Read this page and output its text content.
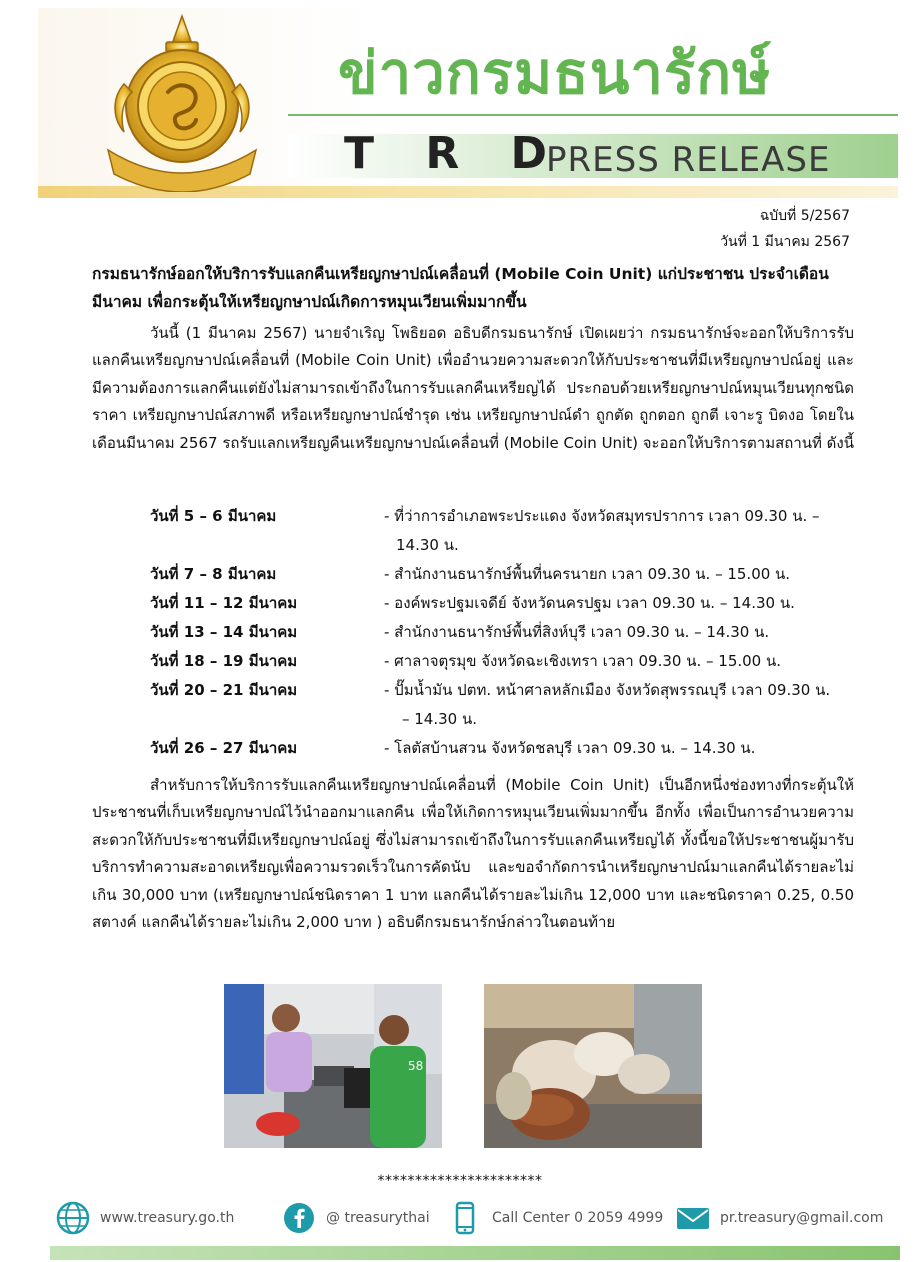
ข่าวกรมธนารักษ์
T R D
PRESS RELEASE
ฉบับที่ 5/2567
วันที่ 1 มีนาคม 2567
กรมธนารักษ์ออกให้บริการรับแลกคืนเหรียญกษาปณ์เคลื่อนที่ (Mobile Coin Unit) แก่ประชาชน ประจำเดือนมีนาคม เพื่อกระตุ้นให้เหรียญกษาปณ์เกิดการหมุนเวียนเพิ่มมากขึ้น

วันนี้ (1 มีนาคม 2567) นายจำเริญ โพธิยอด อธิบดีกรมธนารักษ์ เปิดเผยว่า กรมธนารักษ์จะออกให้บริการรับแลกคืนเหรียญกษาปณ์เคลื่อนที่ (Mobile Coin Unit) เพื่ออำนวยความสะดวกให้กับประชาชนที่มีเหรียญกษาปณ์อยู่ และมีความต้องการแลกคืนแต่ยังไม่สามารถเข้าถึงในการรับแลกคืนเหรียญได้ ประกอบด้วยเหรียญกษาปณ์หมุนเวียนทุกชนิดราคา เหรียญกษาปณ์สภาพดี หรือเหรียญกษาปณ์ชำรุด เช่น เหรียญกษาปณ์ดำ ถูกตัด ถูกตอก ถูกตี เจาะรู บิดงอ โดยในเดือนมีนาคม 2567 รถรับแลกเหรียญคืนเหรียญกษาปณ์เคลื่อนที่ (Mobile Coin Unit) จะออกให้บริการตามสถานที่ ดังนี้

วันที่ 5 – 6 มีนาคม	- ที่ว่าการอำเภอพระประแดง จังหวัดสมุทรปราการ เวลา 09.30 น. –
14.30 น.
วันที่ 7 – 8 มีนาคม	- สำนักงานธนารักษ์พื้นที่นครนายก เวลา 09.30 น. – 15.00 น.
วันที่ 11 – 12 มีนาคม	- องค์พระปฐมเจดีย์ จังหวัดนครปฐม เวลา 09.30 น. – 14.30 น.
วันที่ 13 – 14 มีนาคม	- สำนักงานธนารักษ์พื้นที่สิงห์บุรี เวลา 09.30 น. – 14.30 น.
วันที่ 18 – 19 มีนาคม	- ศาลาจตุรมุข จังหวัดฉะเชิงเทรา เวลา 09.30 น. – 15.00 น.
วันที่ 20 – 21 มีนาคม	- ปั๊มน้ำมัน ปตท. หน้าศาลหลักเมือง จังหวัดสุพรรณบุรี เวลา 09.30 น.
– 14.30 น.
วันที่ 26 – 27 มีนาคม	- โลตัสบ้านสวน จังหวัดชลบุรี เวลา 09.30 น. – 14.30 น.

สำหรับการให้บริการรับแลกคืนเหรียญกษาปณ์เคลื่อนที่ (Mobile Coin Unit) เป็นอีกหนึ่งช่องทางที่กระตุ้นให้ประชาชนที่เก็บเหรียญกษาปณ์ไว้นำออกมาแลกคืน เพื่อให้เกิดการหมุนเวียนเพิ่มมากขึ้น อีกทั้ง เพื่อเป็นการอำนวยความสะดวกให้กับประชาชนที่มีเหรียญกษาปณ์อยู่ ซึ่งไม่สามารถเข้าถึงในการรับแลกคืนเหรียญได้ ทั้งนี้ขอให้ประชาชนผู้มารับบริการทำความสะอาดเหรียญเพื่อความรวดเร็วในการคัดนับ และขอจำกัดการนำเหรียญกษาปณ์มาแลกคืนได้รายละไม่เกิน 30,000 บาท (เหรียญกษาปณ์ชนิดราคา 1 บาท แลกคืนได้รายละไม่เกิน 12,000 บาท และชนิดราคา 0.25, 0.50 สตางค์ แลกคืนได้รายละไม่เกิน 2,000 บาท ) อธิบดีกรมธนารักษ์กล่าวในตอนท้าย

58
**********************
www.treasury.go.th	@ treasurythai	Call Center 0 2059 4999	pr.treasury@gmail.com
